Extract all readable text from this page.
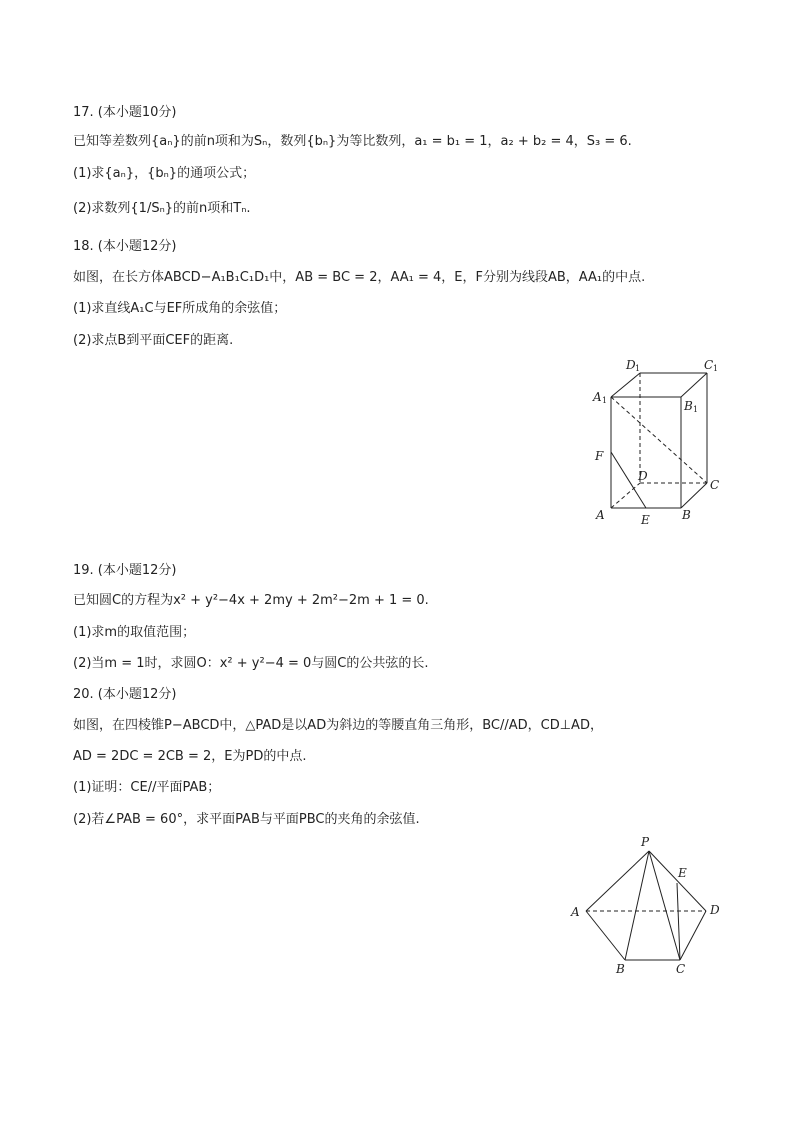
17. (本小题10分)
已知等差数列{aₙ}的前n项和为Sₙ，数列{bₙ}为等比数列，a₁ = b₁ = 1，a₂ + b₂ = 4，S₃ = 6.
(1)求{aₙ}，{bₙ}的通项公式；
(2)求数列{1/Sₙ}的前n项和Tₙ.
18. (本小题12分)
如图，在长方体ABCD−A₁B₁C₁D₁中，AB = BC = 2，AA₁ = 4，E，F分别为线段AB，AA₁的中点.
(1)求直线A₁C与EF所成角的余弦值；
(2)求点B到平面CEF的距离.
D 1	C 1
A 1	B 1
F
D
C
A	E	B
19. (本小题12分)
已知圆C的方程为x² + y²−4x + 2my + 2m²−2m + 1 = 0.
(1)求m的取值范围；
(2)当m = 1时，求圆O：x² + y²−4 = 0与圆C的公共弦的长.
20. (本小题12分)
如图，在四棱锥P−ABCD中，△PAD是以AD为斜边的等腰直角三角形，BC//AD，CD⊥AD，
AD = 2DC = 2CB = 2，E为PD的中点.
(1)证明：CE//平面PAB；
(2)若∠PAB = 60°，求平面PAB与平面PBC的夹角的余弦值.
P
E
A	D
B	C
